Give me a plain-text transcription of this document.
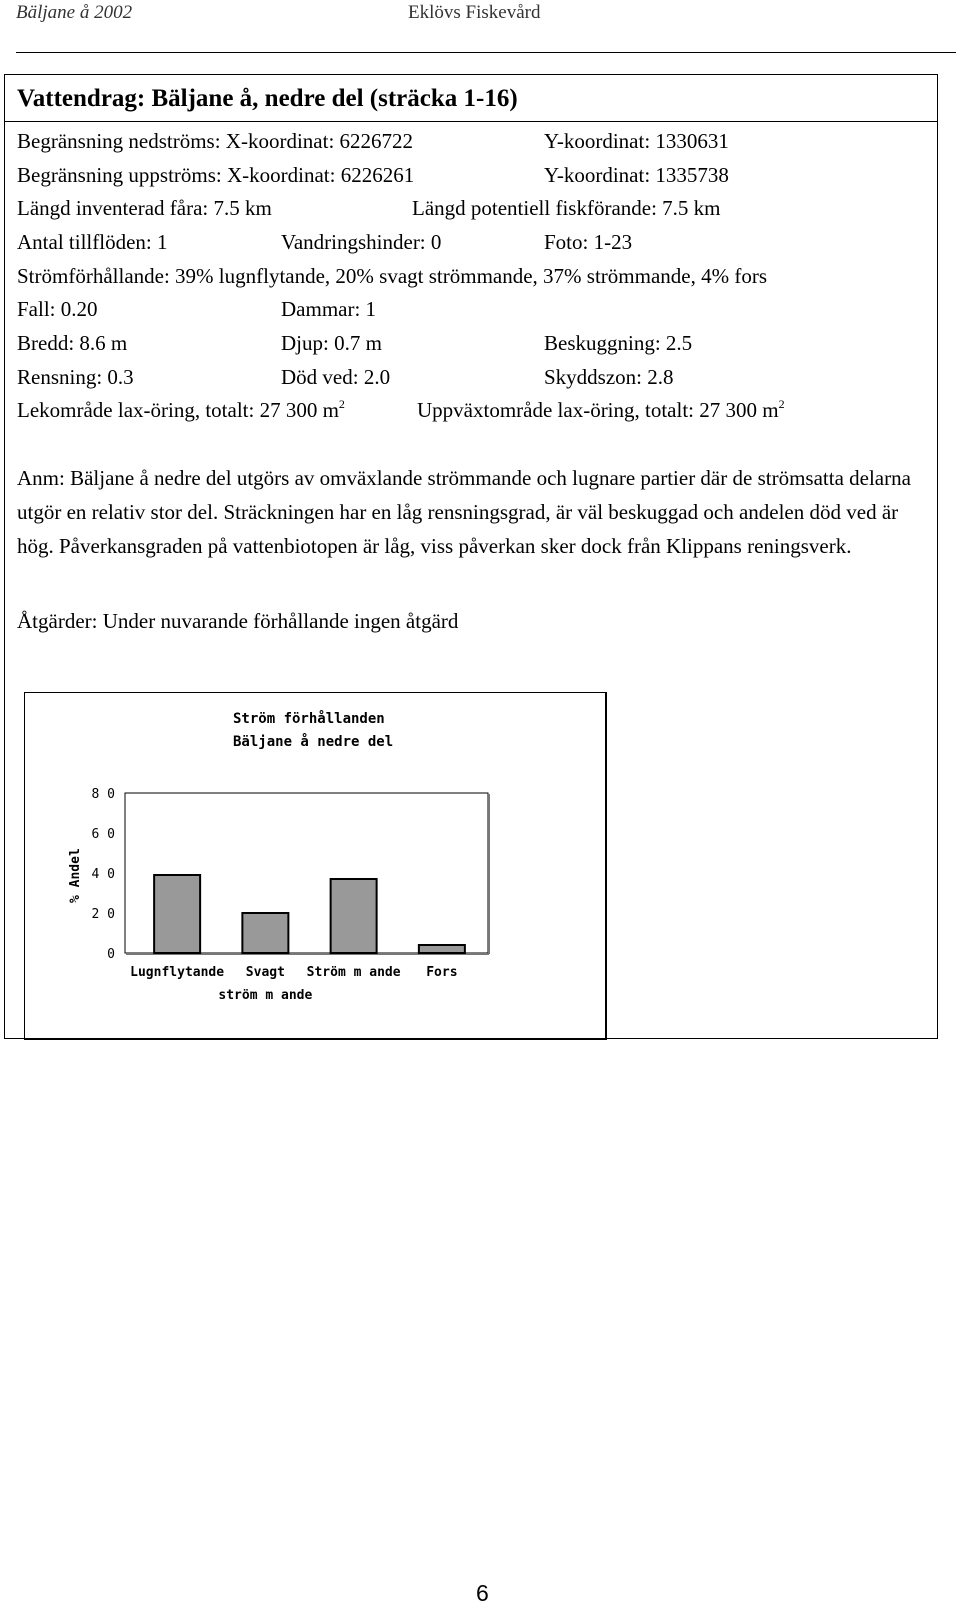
Bäljane å 2002	Eklövs Fiskevård
Vattendrag: Bäljane å, nedre del (sträcka 1-16)
Begränsning nedströms: X-koordinat: 6226722	Y-koordinat: 1330631
Begränsning uppströms: X-koordinat: 6226261	Y-koordinat: 1335738
Längd inventerad fåra: 7.5 km	Längd potentiell fiskförande: 7.5 km
Antal tillflöden: 1	Vandringshinder: 0	Foto: 1-23
Strömförhållande: 39% lugnflytande, 20% svagt strömmande, 37% strömmande, 4% fors
Fall: 0.20	Dammar: 1
Bredd: 8.6 m	Djup: 0.7 m	Beskuggning: 2.5
Rensning: 0.3	Död ved: 2.0	Skyddszon: 2.8
Lekområde lax-öring, totalt: 27 300 $m^2$	Uppväxtområde lax-öring, totalt: 27 300 $m^2$
Anm: Bäljane å nedre del utgörs av omväxlande strömmande och lugnare partier där de strömsatta delarna utgör en relativ stor del. Sträckningen har en låg rensningsgrad, är väl beskuggad och andelen död ved är hög. Påverkansgraden på vattenbiotopen är låg, viss påverkan sker dock från Klippans reningsverk.
Åtgärder: Under nuvarande förhållande ingen åtgärd
Ström förhållanden
Bäljane å nedre del
% Andel
0
2 0
4 0
6 0
8 0
Lugnflytande Svagt
ström m ande
Ström m ande Fors
6
